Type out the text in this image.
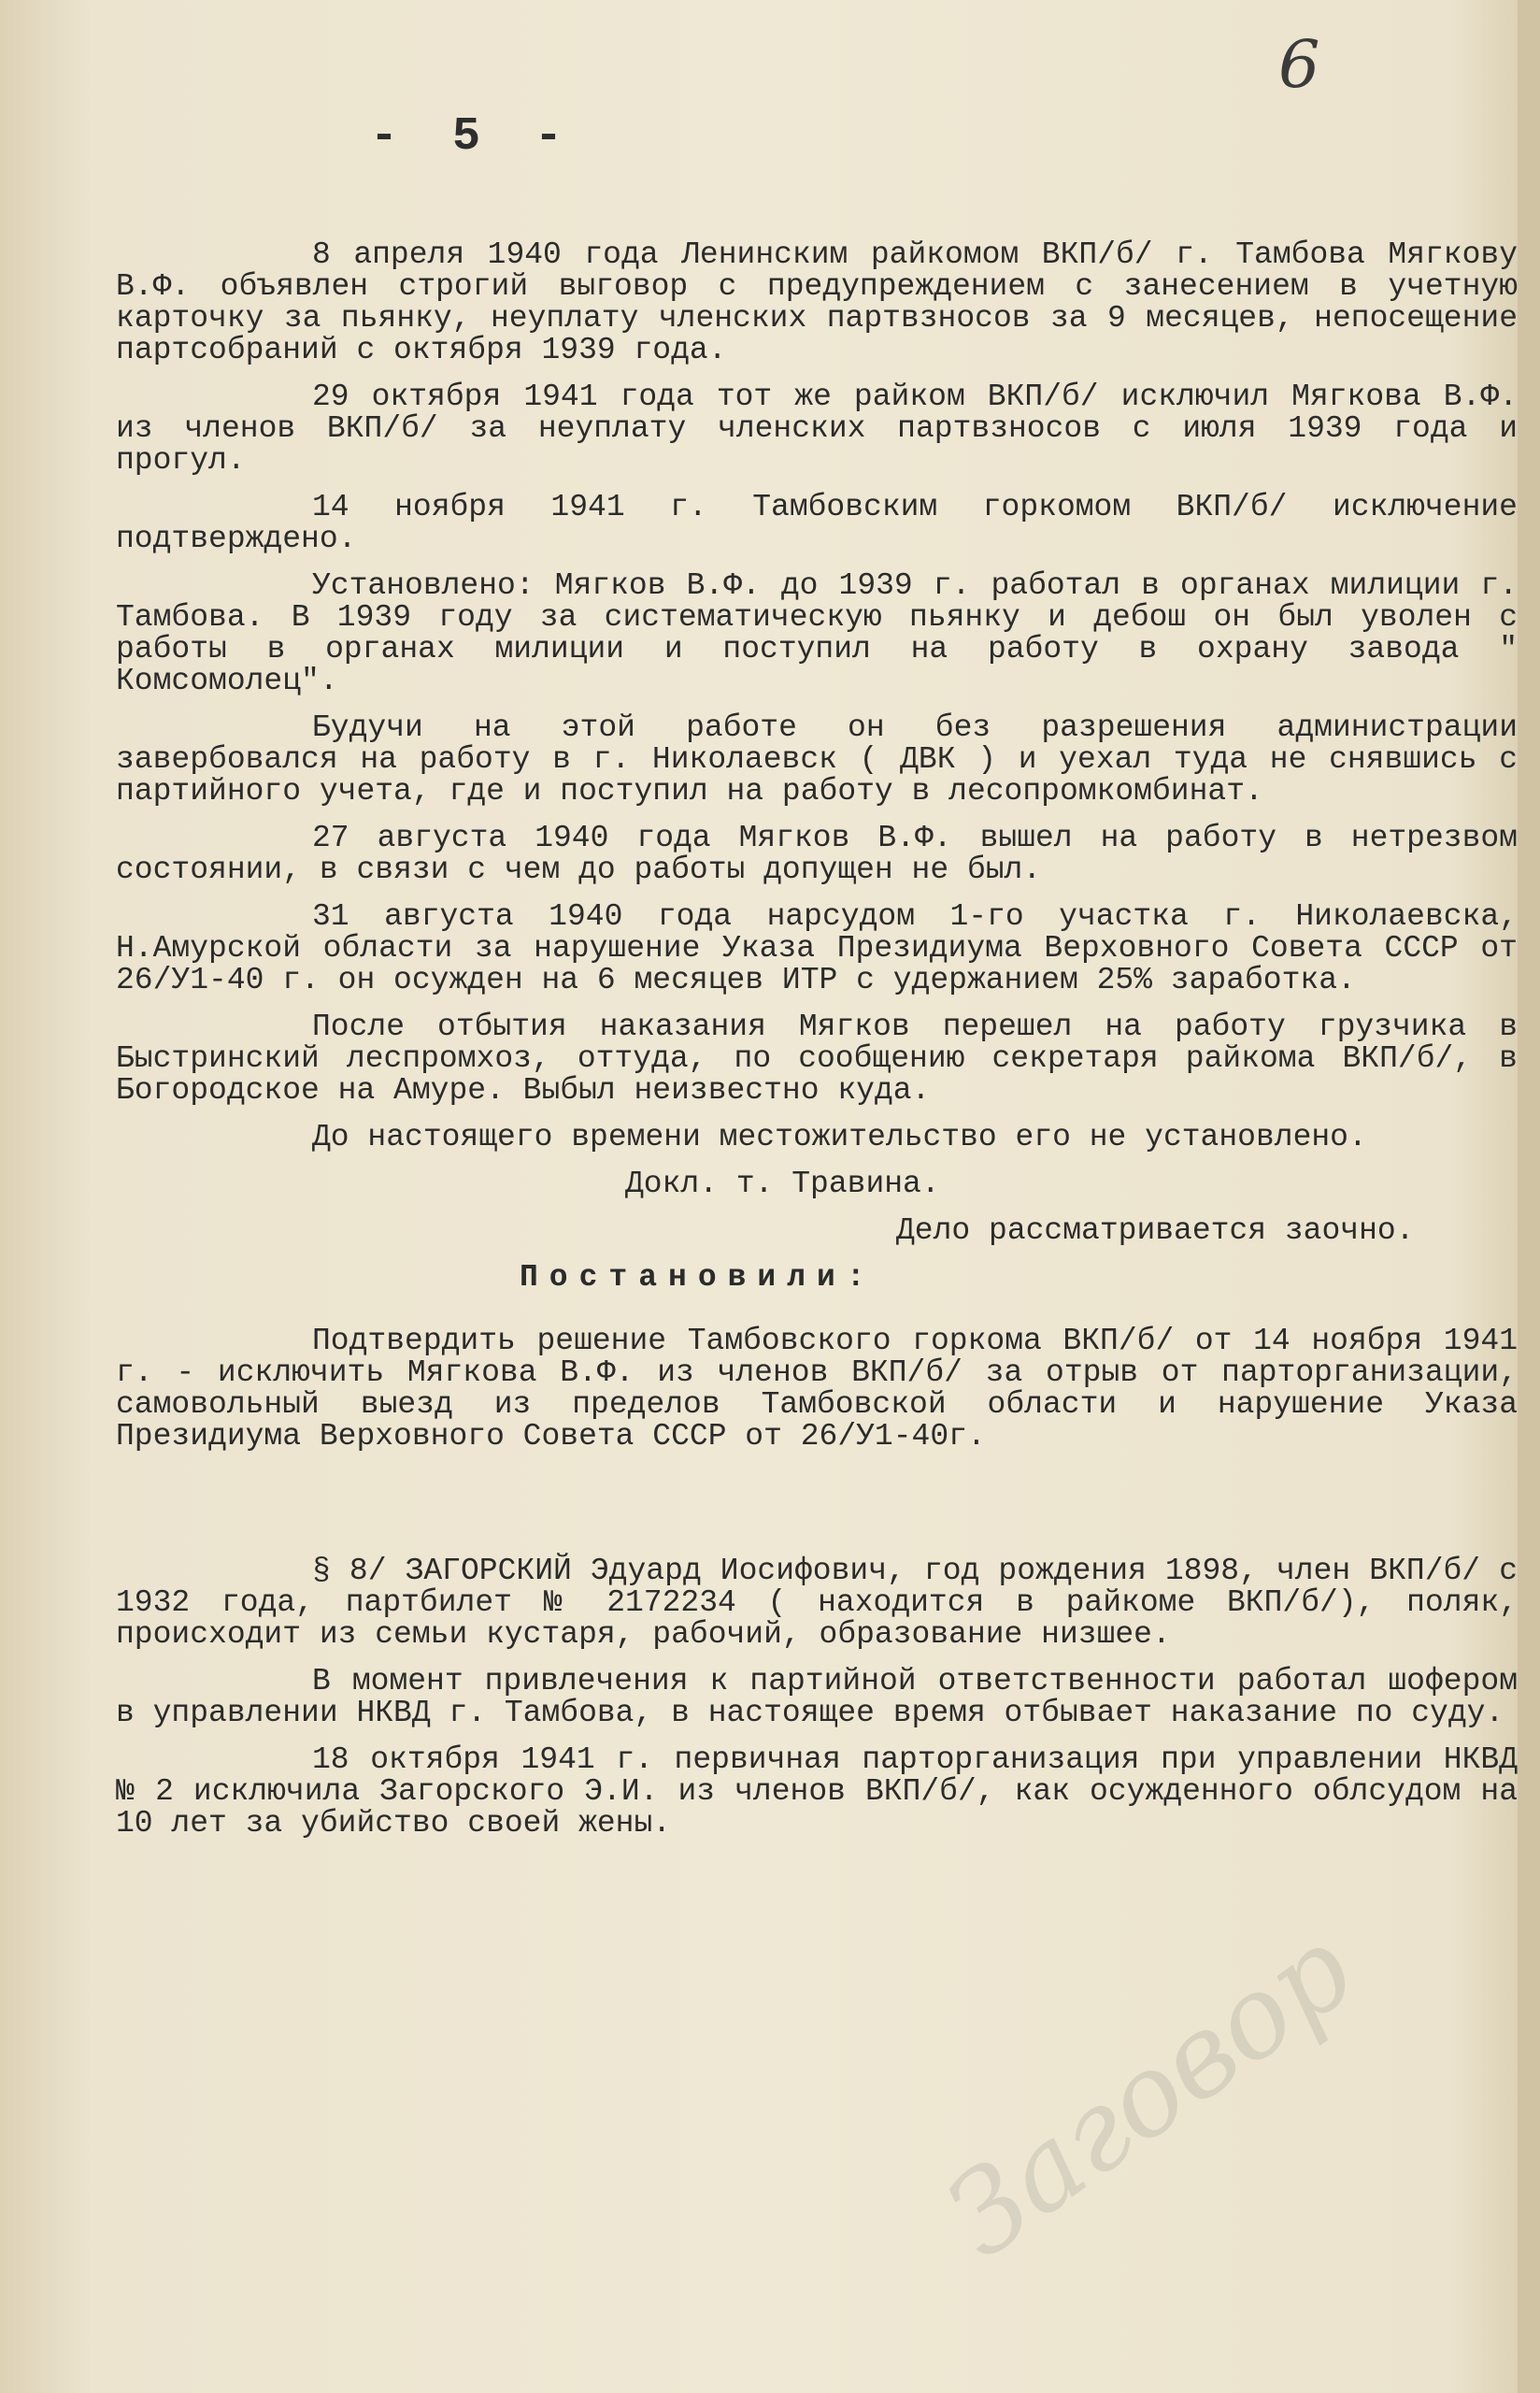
6
- 5 -

8 апреля 1940 года Ленинским райкомом ВКП/б/ г. Тамбова Мягкову В.Ф. объявлен строгий выговор с предупреждением с занесением в учетную карточку за пьянку, неуплату членских партвзносов за 9 месяцев, непосещение партсобраний с октября 1939 года.

29 октября 1941 года тот же райком ВКП/б/ исключил Мягкова В.Ф. из членов ВКП/б/ за неуплату членских партвзносов с июля 1939 года и прогул.

14 ноября 1941 г. Тамбовским горкомом ВКП/б/ исключение подтверждено.

Установлено: Мягков В.Ф. до 1939 г. работал в органах милиции г. Тамбова. В 1939 году за систематическую пьянку и дебош он был уволен с работы в органах милиции и поступил на работу в охрану завода " Комсомолец".

Будучи на этой работе он без разрешения администрации завербовался на работу в г. Николаевск ( ДВК ) и уехал туда не снявшись с партийного учета, где и поступил на работу в лесопромкомбинат.

27 августа 1940 года Мягков В.Ф. вышел на работу в нетрезвом состоянии, в связи с чем до работы допущен не был.

31 августа 1940 года нарсудом 1-го участка г. Николаевска, Н.Амурской области за нарушение Указа Президиума Верховного Совета СССР от 26/У1-40 г. он осужден на 6 месяцев ИТР с удержанием 25% заработка.

После отбытия наказания Мягков перешел на работу грузчика в Быстринский леспромхоз, оттуда, по сообщению секретаря райкома ВКП/б/, в Богородское на Амуре. Выбыл неизвестно куда.

До настоящего времени местожительство его не установлено.

Докл. т. Травина.

Дело рассматривается заочно.

Постановили:

Подтвердить решение Тамбовского горкома ВКП/б/ от 14 ноября 1941 г. - исключить Мягкова В.Ф. из членов ВКП/б/ за отрыв от парторганизации, самовольный выезд из пределов Тамбовской области и нарушение Указа Президиума Верховного Совета СССР от 26/У1-40г.

§ 8/ ЗАГОРСКИЙ Эдуард Иосифович, год рождения 1898, член ВКП/б/ с 1932 года, партбилет № 2172234 ( находится в райкоме ВКП/б/), поляк, происходит из семьи кустаря, рабочий, образование низшее.

В момент привлечения к партийной ответственности работал шофером в управлении НКВД г. Тамбова, в настоящее время отбывает наказание по суду.

18 октября 1941 г. первичная парторганизация при управлении НКВД № 2 исключила Загорского Э.И. из членов ВКП/б/, как осужденного облсудом на 10 лет за убийство своей жены.

Заговор
